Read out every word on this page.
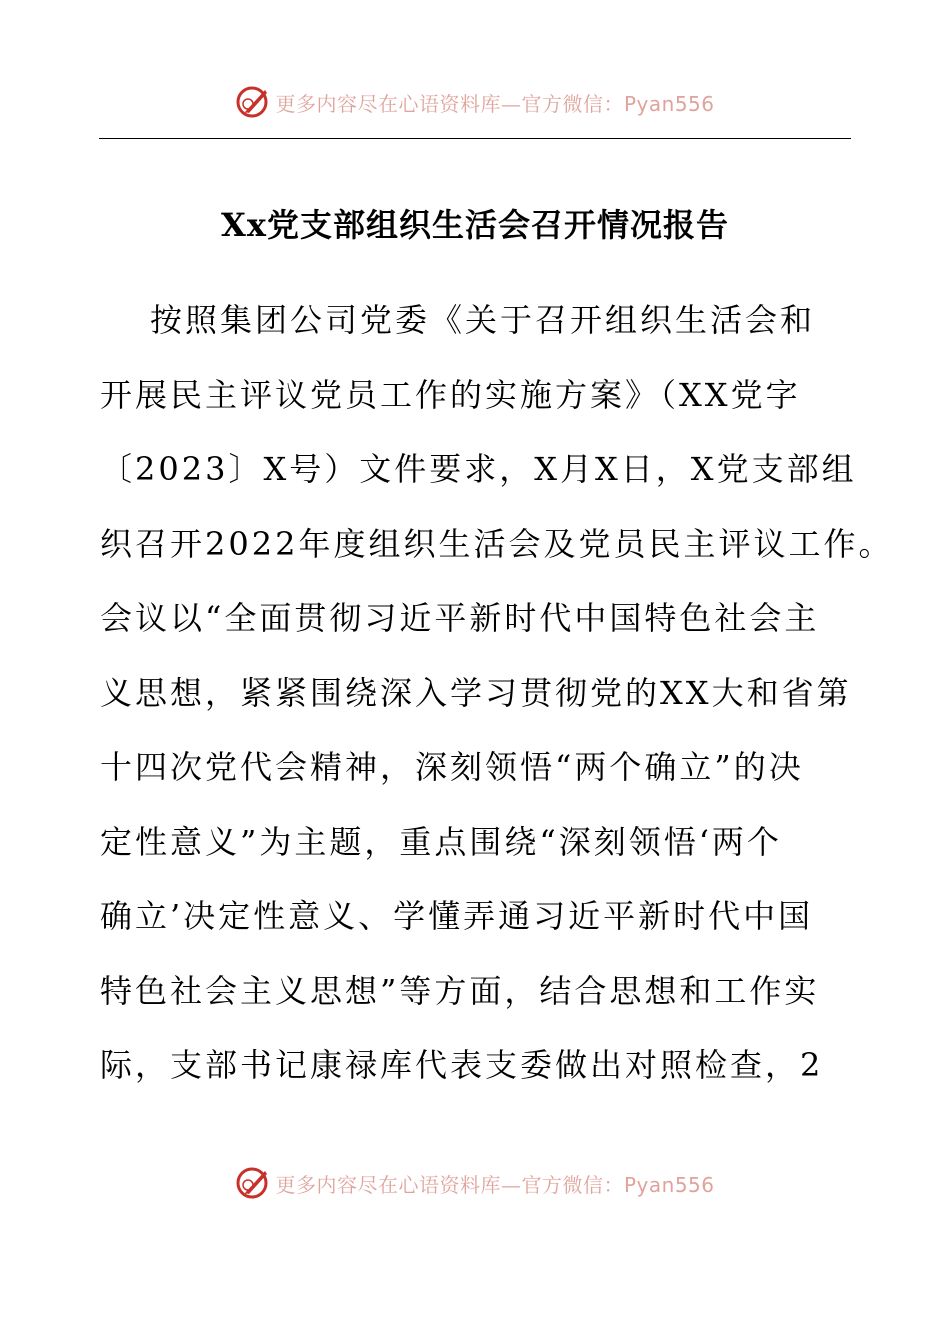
更多内容尽在心语资料库—官方微信：Pyan556
Xx党支部组织生活会召开情况报告
按照集团公司党委《关于召开组织生活会和
开展民主评议党员工作的实施方案》（XX党字
〔2023〕X号）文件要求，X月X日，X党支部组
织召开2022年度组织生活会及党员民主评议工作。
会议以“全面贯彻习近平新时代中国特色社会主
义思想，紧紧围绕深入学习贯彻党的XX大和省第
十四次党代会精神，深刻领悟“两个确立”的决
定性意义”为主题，重点围绕“深刻领悟‘两个
确立’决定性意义、学懂弄通习近平新时代中国
特色社会主义思想”等方面，结合思想和工作实
际，支部书记康禄库代表支委做出对照检查，2
更多内容尽在心语资料库—官方微信：Pyan556
